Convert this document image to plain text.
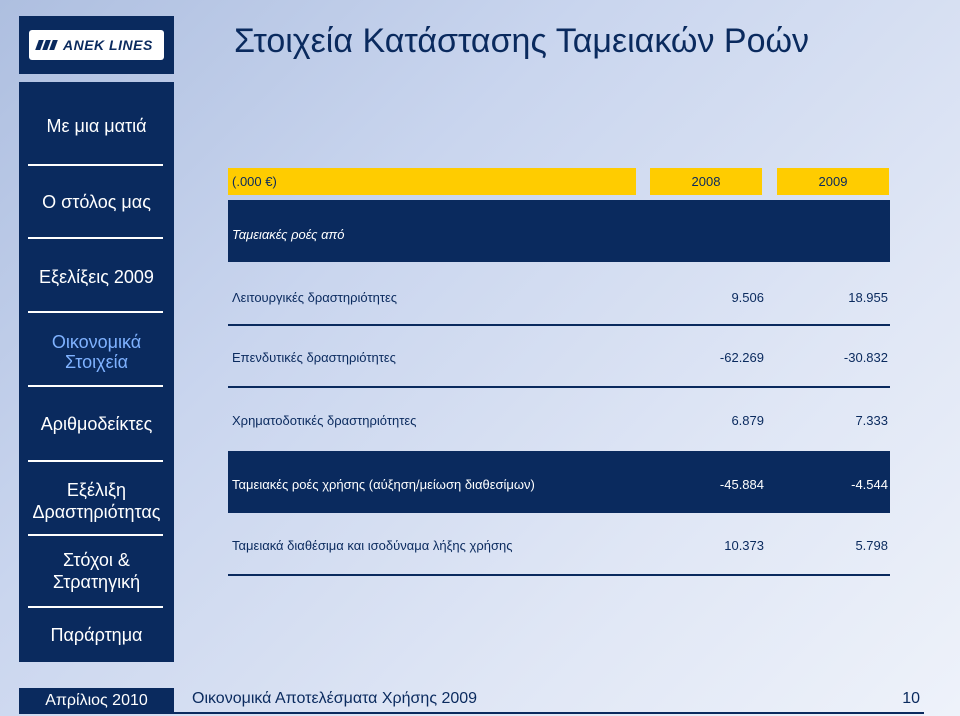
ANEK LINES Στοιχεία Κατάστασης Ταμειακών Ροών
Με μια ματιά
Ο στόλος μας
Εξελίξεις 2009
Οικονομικά Στοιχεία
Αριθμοδείκτες
Εξέλιξη Δραστηριότητας
Στόχοι & Στρατηγική
Παράρτημα
(.000 €)	2008	2009
Ταμειακές ροές από
Λειτουργικές δραστηριότητες	9.506	18.955
Επενδυτικές δραστηριότητες	-62.269	-30.832
Χρηματοδοτικές δραστηριότητες	6.879	7.333
Ταμειακές ροές χρήσης (αύξηση/μείωση διαθεσίμων)	-45.884	-4.544
Ταμειακά διαθέσιμα και ισοδύναμα λήξης χρήσης	10.373	5.798
Απρίλιος 2010	Οικονομικά Αποτελέσματα Χρήσης 2009	10
